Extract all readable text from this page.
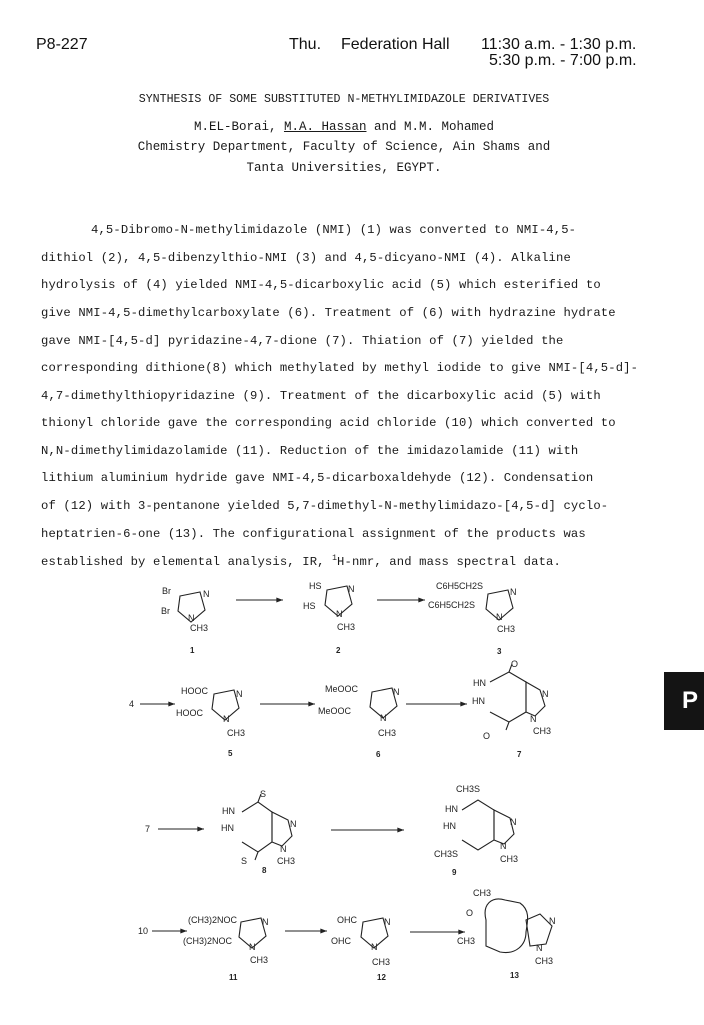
P8-227	Thu. Federation Hall 11:30 a.m. - 1:30 p.m.
5:30 p.m. - 7:00 p.m.
SYNTHESIS OF SOME SUBSTITUTED N-METHYLIMIDAZOLE DERIVATIVES
M.EL-Borai, M.A. Hassan and M.M. Mohamed
Chemistry Department, Faculty of Science, Ain Shams and
Tanta Universities, EGYPT.
4,5-Dibromo-N-methylimidazole (NMI) (1) was converted to NMI-4,5-
dithiol (2), 4,5-dibenzylthio-NMI (3) and 4,5-dicyano-NMI (4). Alkaline
hydrolysis of (4) yielded NMI-4,5-dicarboxylic acid (5) which esterified to
give NMI-4,5-dimethylcarboxylate (6). Treatment of (6) with hydrazine hydrate
gave NMI-[4,5-d] pyridazine-4,7-dione (7). Thiation of (7) yielded the
corresponding dithione(8) which methylated by methyl iodide to give NMI-[4,5-d]-
4,7-dimethylthiopyridazine (9). Treatment of the dicarboxylic acid (5) with
thionyl chloride gave the corresponding acid chloride (10) which converted to
N,N-dimethylimidazolamide (11). Reduction of the imidazolamide (11) with
lithium aluminium hydride gave NMI-4,5-dicarboxaldehyde (12). Condensation
of (12) with 3-pentanone yielded 5,7-dimethyl-N-methylimidazo-[4,5-d] cyclo-
heptatrien-6-one (13). The configurational assignment of the products was
established by elemental analysis, IR, $^1$H-nmr, and mass spectral data.
Br
Br
N
N
CH3
1
HS
HS
N
N
CH3
2
C6H5CH2S
C6H5CH2S
N
N
CH3
3
4
HOOC
HOOC
N
N
CH3
5
MeOOC
MeOOC
N
N
CH3
6
O
O
HN
HN
N
N
CH3
7
7
S
S
HN
HN	N
N
CH3
8
CH3S
CH3S
HN
HN	N
N
CH3
9
10
(CH3)2NOC
(CH3)2NOC
N
N
CH3
11
OHC
OHC
N
N
CH3
12
CH3
O
CH3
N
N
CH3
13
P
